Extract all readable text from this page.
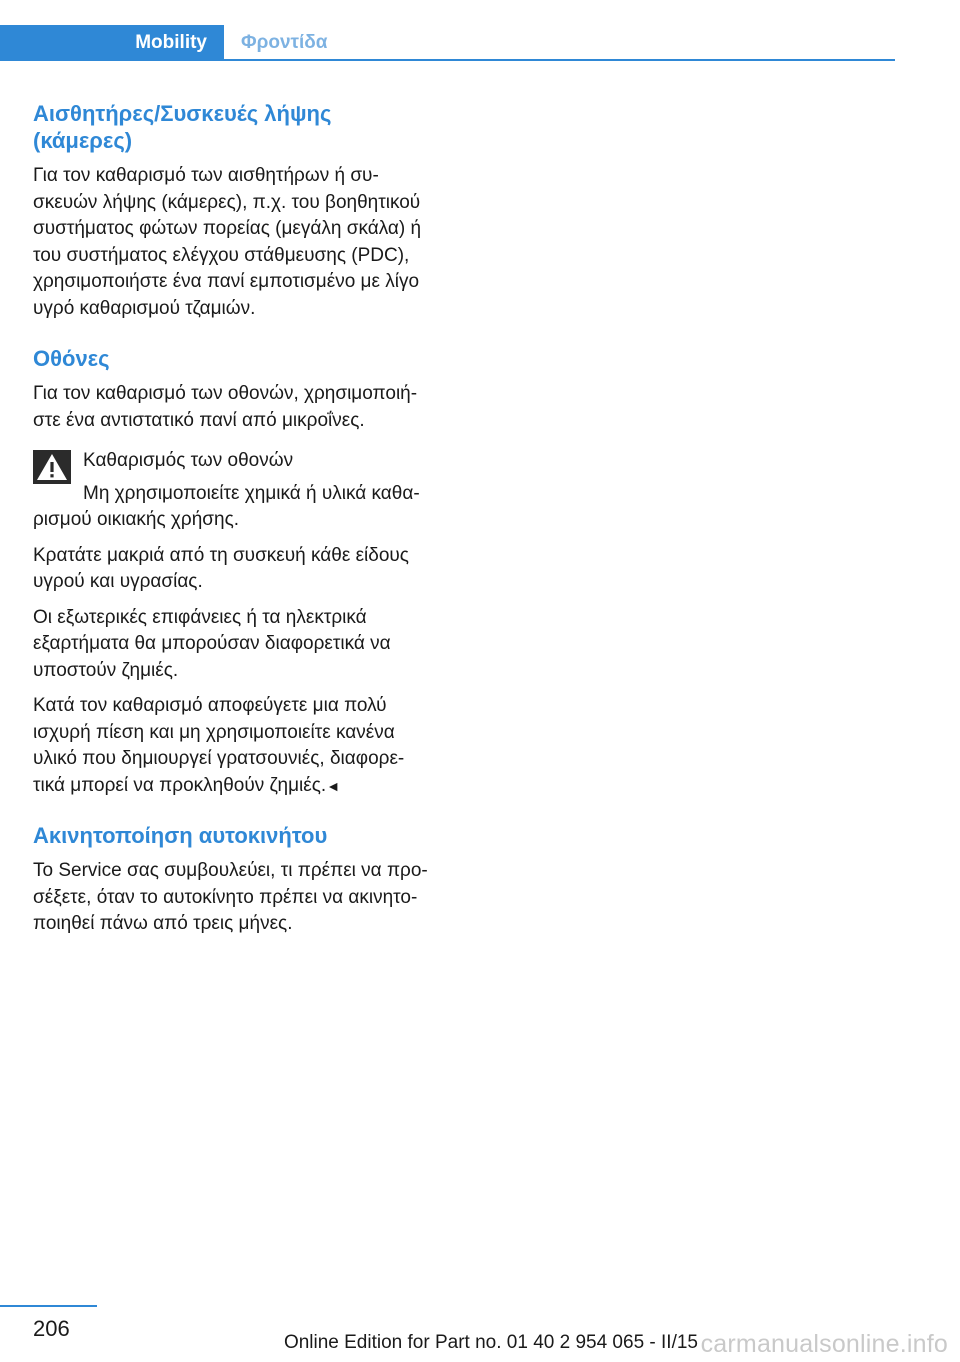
Mobility	Φροντίδα
Αισθητήρες/Συσκευές λήψης
(κάμερες)

Για τον καθαρισμό των αισθητήρων ή συ-
σκευών λήψης (κάμερες), π.χ. του βοηθητικού
συστήματος φώτων πορείας (μεγάλη σκάλα) ή
του συστήματος ελέγχου στάθμευσης (PDC),
χρησιμοποιήστε ένα πανί εμποτισμένο με λίγο
υγρό καθαρισμού τζαμιών.

Οθόνες

Για τον καθαρισμό των οθονών, χρησιμοποιή-
στε ένα αντιστατικό πανί από μικροΐνες.

Καθαρισμός των οθονών

Μη χρησιμοποιείτε χημικά ή υλικά καθα-

ρισμού οικιακής χρήσης.

Κρατάτε μακριά από τη συσκευή κάθε είδους
υγρού και υγρασίας.

Οι εξωτερικές επιφάνειες ή τα ηλεκτρικά
εξαρτήματα θα μπορούσαν διαφορετικά να
υποστούν ζημιές.

Κατά τον καθαρισμό αποφεύγετε μια πολύ
ισχυρή πίεση και μη χρησιμοποιείτε κανένα
υλικό που δημιουργεί γρατσουνιές, διαφορε-
τικά μπορεί να προκληθούν ζημιές.◄

Ακινητοποίηση αυτοκινήτου

Το Service σας συμβουλεύει, τι πρέπει να προ-
σέξετε, όταν το αυτοκίνητο πρέπει να ακινητο-
ποιηθεί πάνω από τρεις μήνες.

206
Online Edition for Part no. 01 40 2 954 065 - II/15 carmanualsonline.info
